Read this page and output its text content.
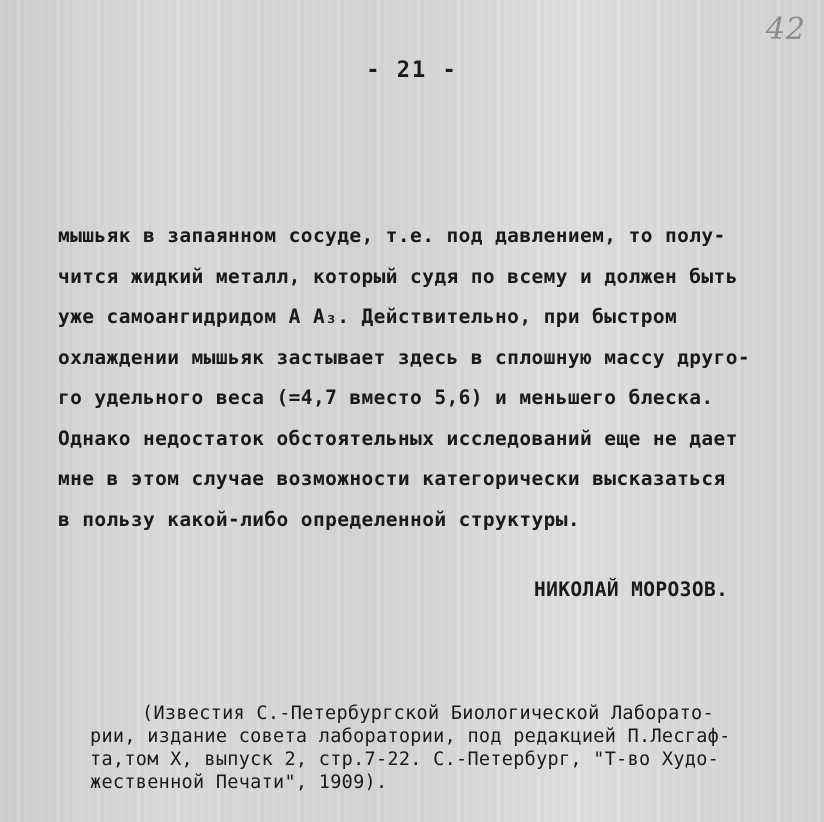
42
- 21 -
мышьяк в запаянном сосуде, т.е. под давлением, то полу-
чится жидкий металл, который судя по всему и должен быть
уже самоангидридом А А₃. Действительно, при быстром
охлаждении мышьяк застывает здесь в сплошную массу друго-
го удельного веса (=4,7 вместо 5,6) и меньшего блеска.
Однако недостаток обстоятельных исследований еще не дает
мне в этом случае возможности категорически высказаться
в пользу какой-либо определенной структуры.
НИКОЛАЙ МОРОЗОВ.
(Известия С.-Петербургской Биологической Лаборато-
рии, издание совета лаборатории, под редакцией П.Лесгаф-
та,том X, выпуск 2, стр.7-22. С.-Петербург, "Т-во Худо-
жественной Печати", 1909).
